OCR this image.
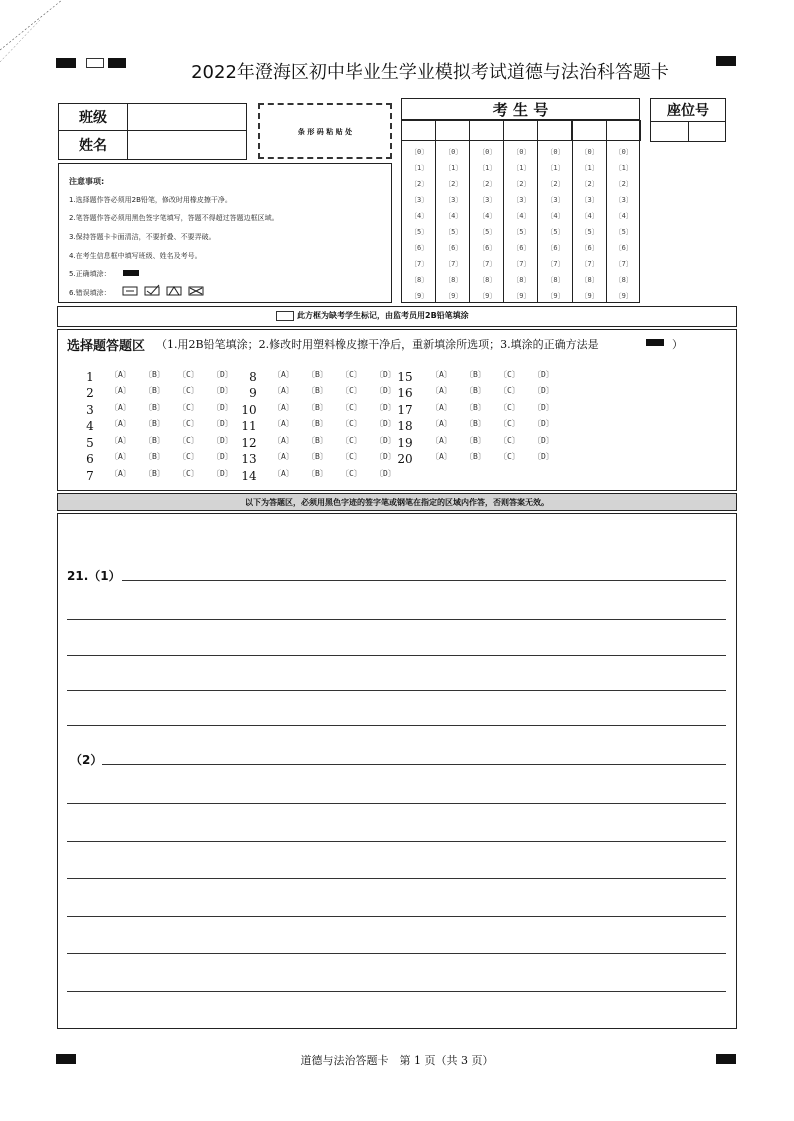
2022年澄海区初中毕业生学业模拟考试道德与法治科答题卡
班级
姓名
条 形 码 粘 贴 处

注意事项:

1.选择题作答必须用2B铅笔，修改时用橡皮擦干净。

2.笔答题作答必须用黑色签字笔填写，答题不得超过答题边框区域。

3.保持答题卡卡面清洁，不要折叠、不要弄破。

4.在考生信息框中填写班级、姓名及考号。

5.正确填涂：

6.错误填涂：

考 生 号
〔0〕
〔1〕
〔2〕
〔3〕
〔4〕
〔5〕
〔6〕
〔7〕
〔8〕
〔9〕
〔0〕
〔1〕
〔2〕
〔3〕
〔4〕
〔5〕
〔6〕
〔7〕
〔8〕
〔9〕
〔0〕
〔1〕
〔2〕
〔3〕
〔4〕
〔5〕
〔6〕
〔7〕
〔8〕
〔9〕
〔0〕
〔1〕
〔2〕
〔3〕
〔4〕
〔5〕
〔6〕
〔7〕
〔8〕
〔9〕
〔0〕
〔1〕
〔2〕
〔3〕
〔4〕
〔5〕
〔6〕
〔7〕
〔8〕
〔9〕
〔0〕
〔1〕
〔2〕
〔3〕
〔4〕
〔5〕
〔6〕
〔7〕
〔8〕
〔9〕
〔0〕
〔1〕
〔2〕
〔3〕
〔4〕
〔5〕
〔6〕
〔7〕
〔8〕
〔9〕
座位号
此方框为缺考学生标记，由监考员用2B铅笔填涂
选择题答题区 （1.用2B铅笔填涂；2.修改时用塑料橡皮擦干净后，重新填涂所选项；3.填涂的正确方法是	）
1	〔A〕 〔B〕 〔C〕 〔D〕
2	〔A〕 〔B〕 〔C〕 〔D〕
3	〔A〕 〔B〕 〔C〕 〔D〕
4	〔A〕 〔B〕 〔C〕 〔D〕
5	〔A〕 〔B〕 〔C〕 〔D〕
6	〔A〕 〔B〕 〔C〕 〔D〕
7	〔A〕 〔B〕 〔C〕 〔D〕
8	〔A〕 〔B〕 〔C〕 〔D〕
9	〔A〕 〔B〕 〔C〕 〔D〕
10 〔A〕 〔B〕 〔C〕 〔D〕
11 〔A〕 〔B〕 〔C〕 〔D〕
12 〔A〕 〔B〕 〔C〕 〔D〕
13 〔A〕 〔B〕 〔C〕 〔D〕
14 〔A〕 〔B〕 〔C〕 〔D〕
15 〔A〕 〔B〕 〔C〕 〔D〕
16 〔A〕 〔B〕 〔C〕 〔D〕
17 〔A〕 〔B〕 〔C〕 〔D〕
18 〔A〕 〔B〕 〔C〕 〔D〕
19 〔A〕 〔B〕 〔C〕 〔D〕
20 〔A〕 〔B〕 〔C〕 〔D〕
以下为答题区，必须用黑色字迹的签字笔或钢笔在指定的区域内作答，否则答案无效。
21.（1）
（2）
道德与法治答题卡　第 1 页（共 3 页）
